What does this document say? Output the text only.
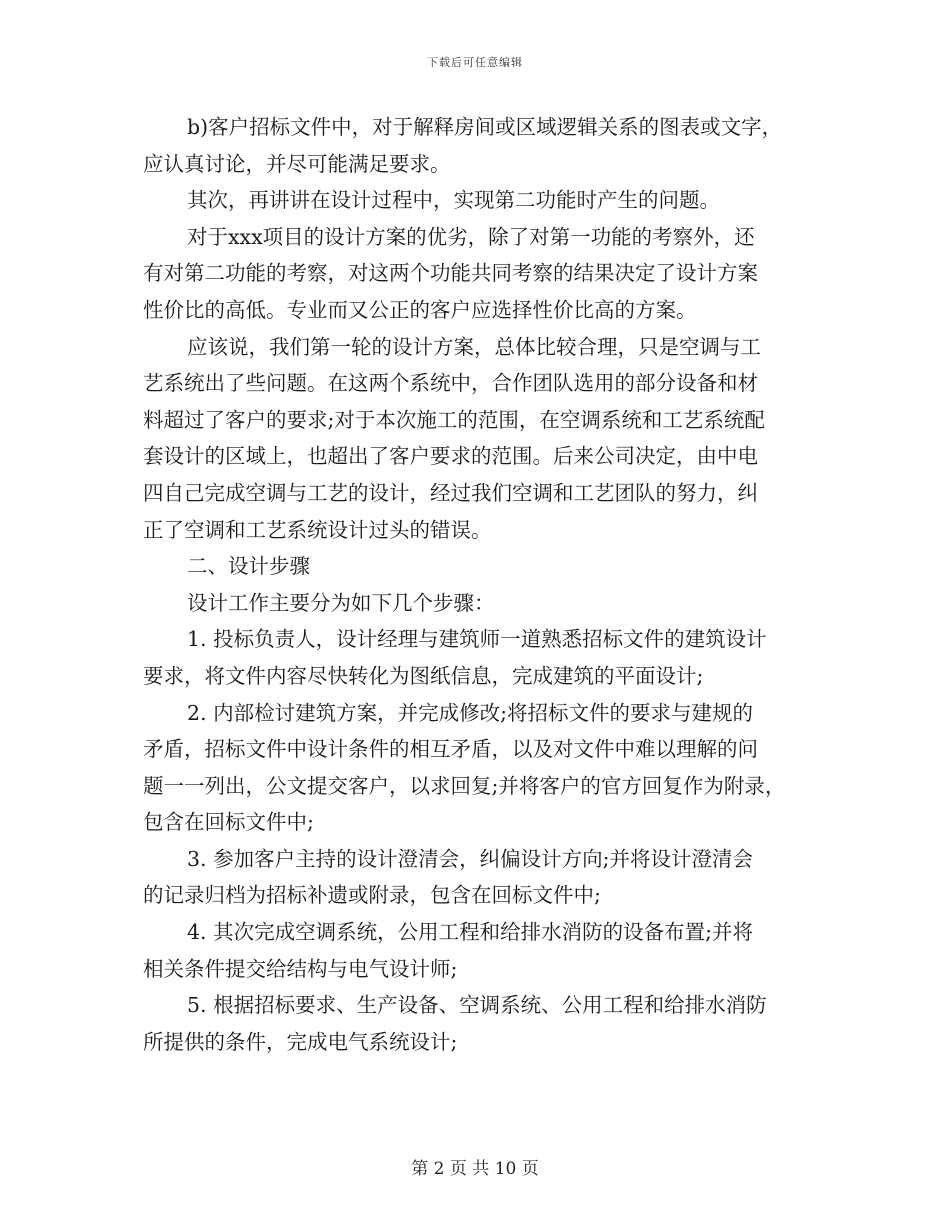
下载后可任意编辑
b)客户招标文件中，对于解释房间或区域逻辑关系的图表或文字，
应认真讨论，并尽可能满足要求。
其次，再讲讲在设计过程中，实现第二功能时产生的问题。
对于xxx项目的设计方案的优劣，除了对第一功能的考察外，还
有对第二功能的考察，对这两个功能共同考察的结果决定了设计方案
性价比的高低。专业而又公正的客户应选择性价比高的方案。
应该说，我们第一轮的设计方案，总体比较合理，只是空调与工
艺系统出了些问题。在这两个系统中，合作团队选用的部分设备和材
料超过了客户的要求;对于本次施工的范围，在空调系统和工艺系统配
套设计的区域上，也超出了客户要求的范围。后来公司决定，由中电
四自己完成空调与工艺的设计，经过我们空调和工艺团队的努力，纠
正了空调和工艺系统设计过头的错误。
二、设计步骤
设计工作主要分为如下几个步骤：
1. 投标负责人，设计经理与建筑师一道熟悉招标文件的建筑设计
要求，将文件内容尽快转化为图纸信息，完成建筑的平面设计;
2. 内部检讨建筑方案，并完成修改;将招标文件的要求与建规的
矛盾，招标文件中设计条件的相互矛盾，以及对文件中难以理解的问
题一一列出，公文提交客户，以求回复;并将客户的官方回复作为附录，
包含在回标文件中;
3. 参加客户主持的设计澄清会，纠偏设计方向;并将设计澄清会
的记录归档为招标补遗或附录，包含在回标文件中;
4. 其次完成空调系统，公用工程和给排水消防的设备布置;并将
相关条件提交给结构与电气设计师;
5. 根据招标要求、生产设备、空调系统、公用工程和给排水消防
所提供的条件，完成电气系统设计;
第 2 页 共 10 页
